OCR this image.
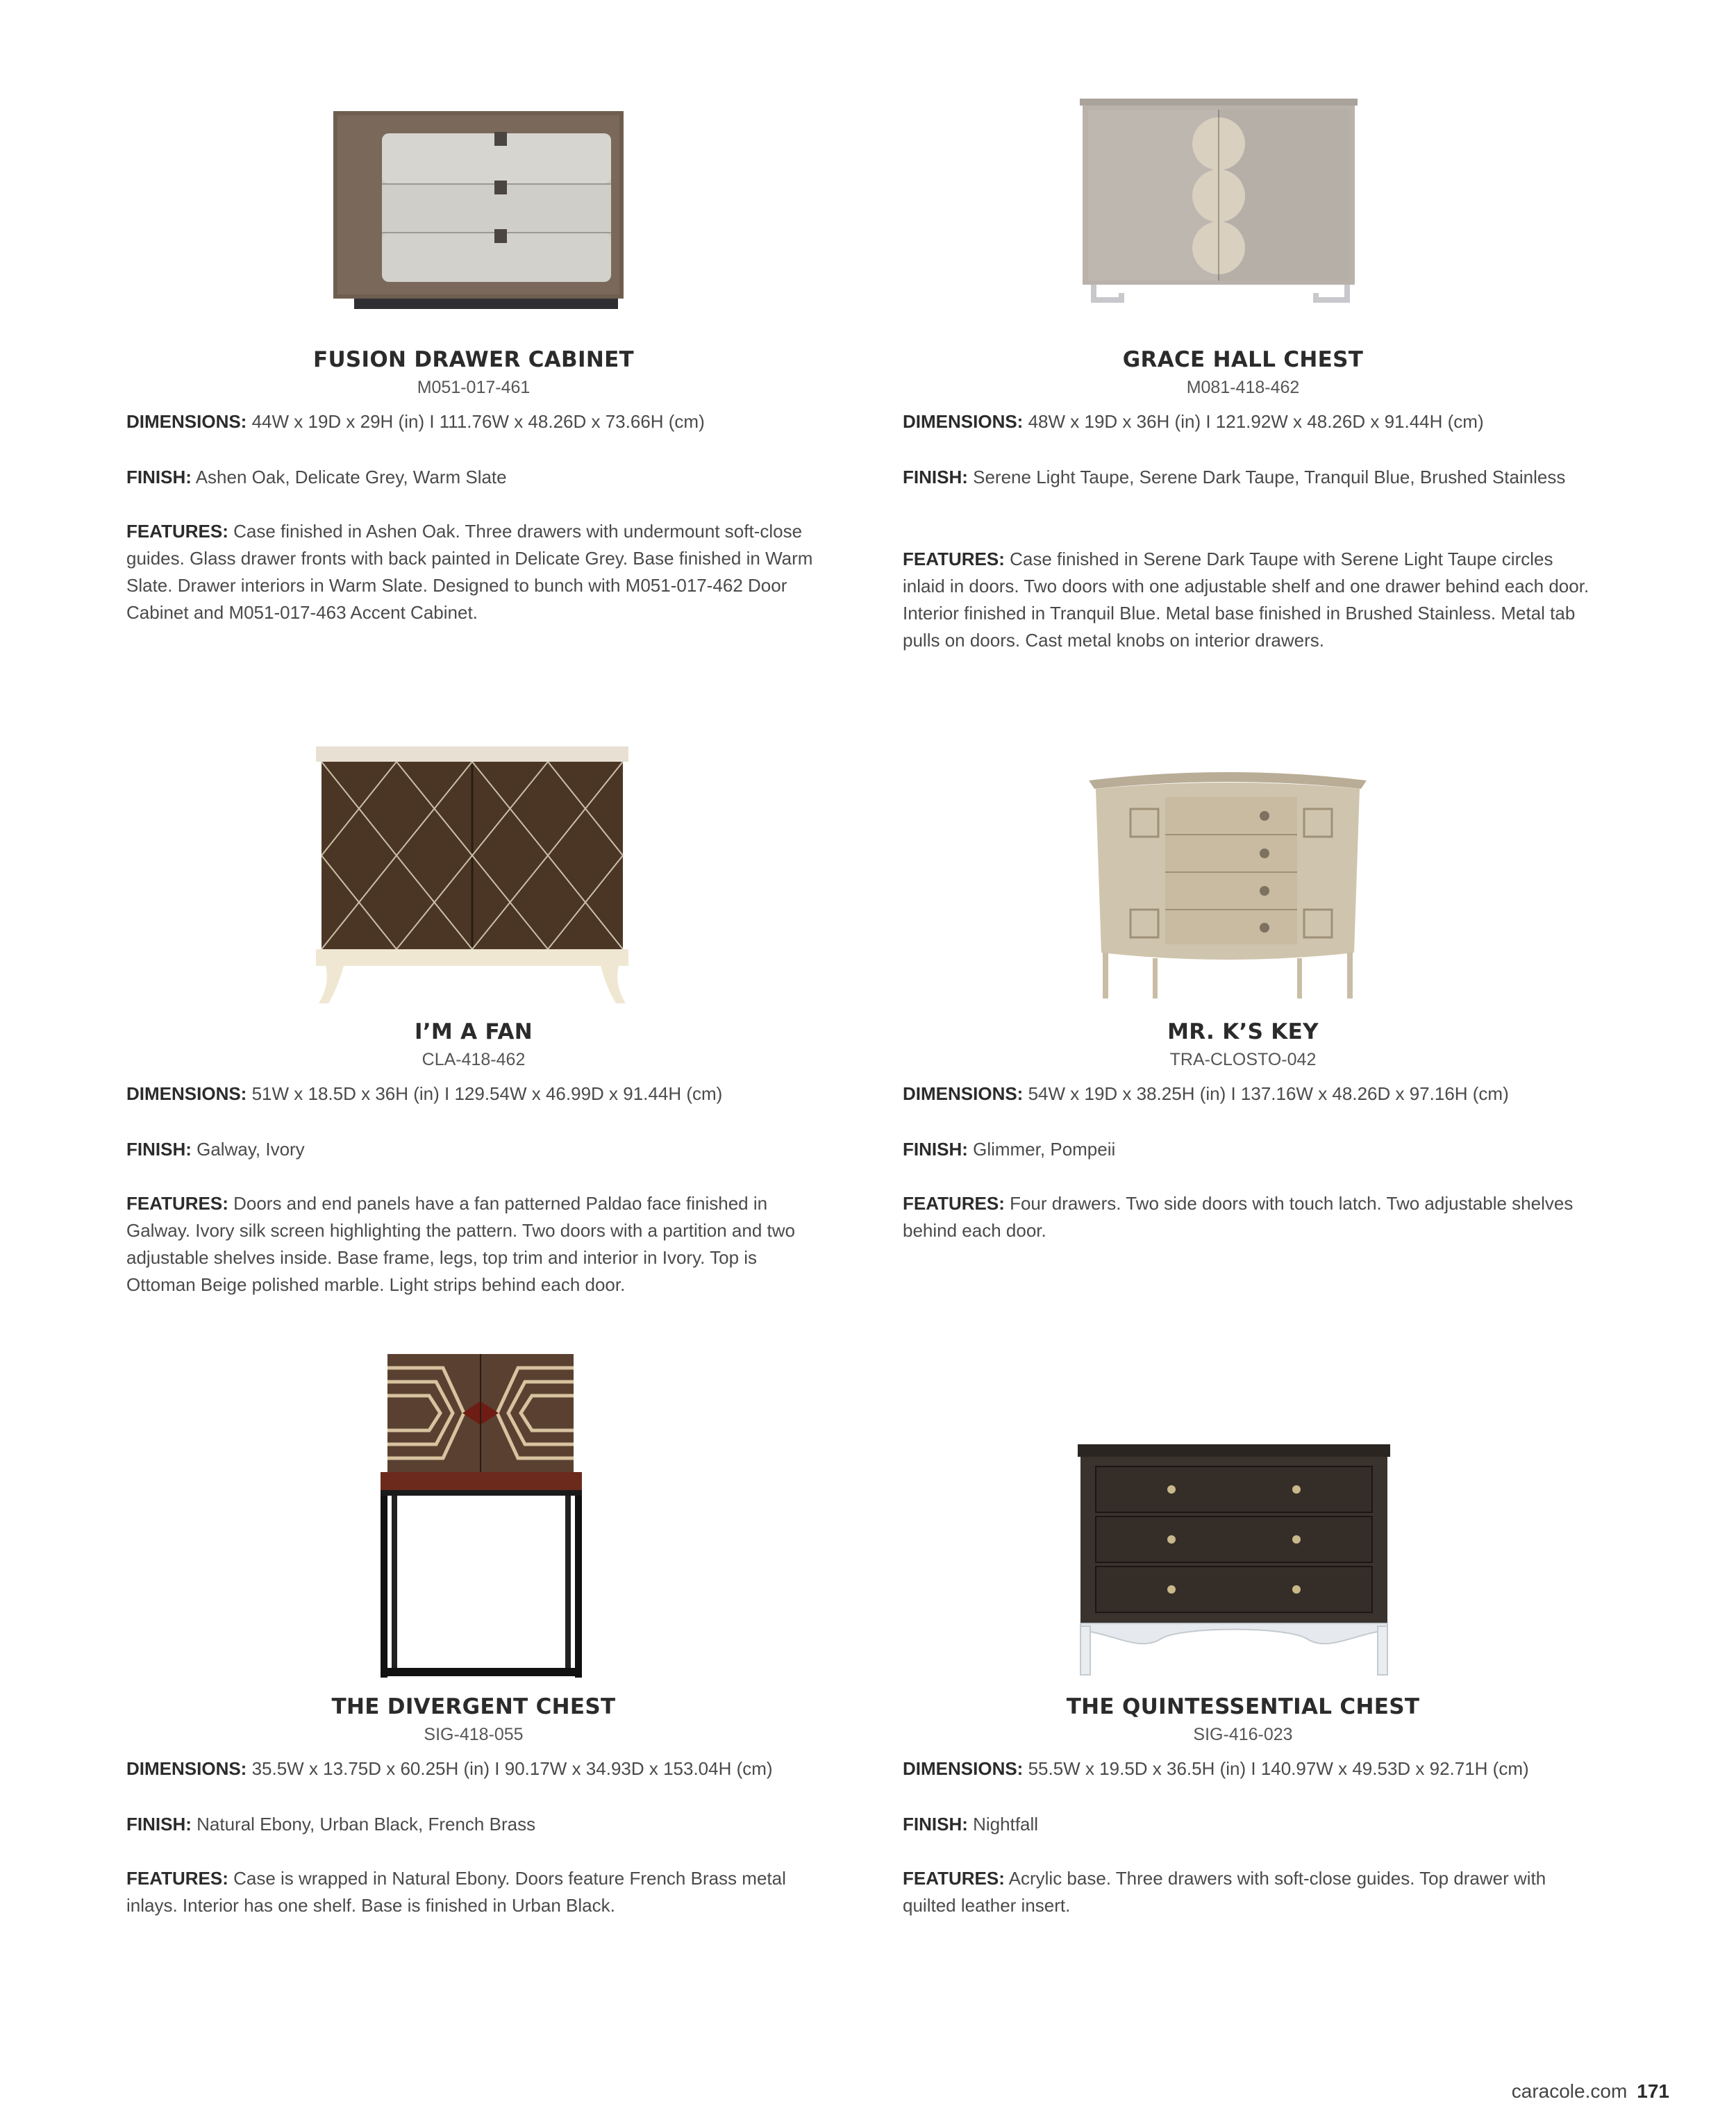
FUSION DRAWER CABINET
M051-017-461
DIMENSIONS: 44W x 19D x 29H (in) I 111.76W x 48.26D x 73.66H (cm)
FINISH: Ashen Oak, Delicate Grey, Warm Slate
FEATURES: Case finished in Ashen Oak. Three drawers with undermount soft-close guides. Glass drawer fronts with back painted in Delicate Grey. Base finished in Warm Slate. Drawer interiors in Warm Slate. Designed to bunch with M051-017-462 Door Cabinet and M051-017-463 Accent Cabinet.
GRACE HALL CHEST
M081-418-462
DIMENSIONS: 48W x 19D x 36H (in) I 121.92W x 48.26D x 91.44H (cm)
FINISH: Serene Light Taupe, Serene Dark Taupe, Tranquil Blue, Brushed Stainless
FEATURES: Case finished in Serene Dark Taupe with Serene Light Taupe circles inlaid in doors. Two doors with one adjustable shelf and one drawer behind each door. Interior finished in Tranquil Blue. Metal base finished in Brushed Stainless. Metal tab pulls on doors. Cast metal knobs on interior drawers.
I’M A FAN
CLA-418-462
DIMENSIONS: 51W x 18.5D x 36H (in) I 129.54W x 46.99D x 91.44H (cm)
FINISH: Galway, Ivory
FEATURES: Doors and end panels have a fan patterned Paldao face finished in Galway. Ivory silk screen highlighting the pattern. Two doors with a partition and two adjustable shelves inside. Base frame, legs, top trim and interior in Ivory. Top is Ottoman Beige polished marble. Light strips behind each door.
MR. K’S KEY
TRA-CLOSTO-042
DIMENSIONS: 54W x 19D x 38.25H (in) I 137.16W x 48.26D x 97.16H (cm)
FINISH: Glimmer, Pompeii
FEATURES: Four drawers. Two side doors with touch latch. Two adjustable shelves behind each door.
THE DIVERGENT CHEST
SIG-418-055
DIMENSIONS: 35.5W x 13.75D x 60.25H (in) I 90.17W x 34.93D x 153.04H (cm)
FINISH: Natural Ebony, Urban Black, French Brass
FEATURES: Case is wrapped in Natural Ebony. Doors feature French Brass metal inlays. Interior has one shelf. Base is finished in Urban Black.
THE QUINTESSENTIAL CHEST
SIG-416-023
DIMENSIONS: 55.5W x 19.5D x 36.5H (in) I 140.97W x 49.53D x 92.71H (cm)
FINISH: Nightfall
FEATURES: Acrylic base. Three drawers with soft-close guides. Top drawer with quilted leather insert.
caracole.com 171
